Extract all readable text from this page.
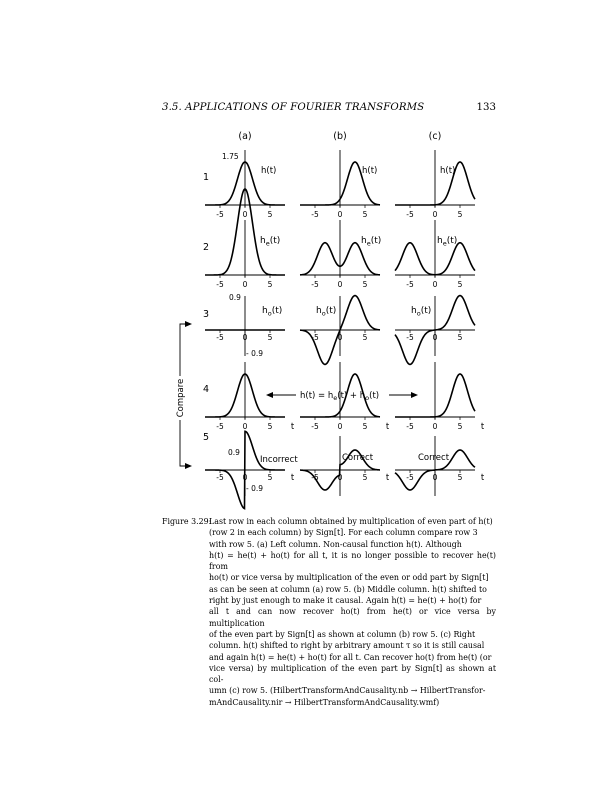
3.5. APPLICATIONS OF FOURIER TRANSFORMS	133
(a)	(b)	(c)
1
2
3
4
5
-5	0	5	-5	0	5	-5	0	5
-5	0	5	-5	0	5	-5	0	5
-5	0	5	-5	0	5	-5	0	5
-5	0	5 t -5	0	5 t -5	0	5 t
-5	0	5 t -5	0	5 t -5	0	5 t
h(t)	h(t)	h(t)
$h_e(t)$	$h_e(t)$	$h_e(t)$
$h_o(t)$	$h_o(t)$	$h_o(t)$
1.75
0.9
- 0.9
0.9
- 0.9
$h(t) = h_e(t) + h_o(t)$
Incorrect	Correct	Correct
Compare
Figure 3.29:
Last row in each column obtained by multiplication of even part of h(t)
(row 2 in each column) by Sign[t]. For each column compare row 3
with row 5. (a) Left column. Non-causal function h(t). Although
h(t) = he(t) + ho(t) for all t, it is no longer possible to recover he(t) from
ho(t) or vice versa by multiplication of the even or odd part by Sign[t]
as can be seen at column (a) row 5. (b) Middle column. h(t) shifted to
right by just enough to make it causal. Again h(t) = he(t) + ho(t) for
all t and can now recover ho(t) from he(t) or vice versa by multiplication
of the even part by Sign[t] as shown at column (b) row 5. (c) Right
column. h(t) shifted to right by arbitrary amount τ so it is still causal
and again h(t) = he(t) + ho(t) for all t. Can recover ho(t) from he(t) (or
vice versa) by multiplication of the even part by Sign[t] as shown at col-
umn (c) row 5. (HilbertTransformAndCausality.nb → HilbertTransfor-
mAndCausality.nir → HilbertTransformAndCausality.wmf)
